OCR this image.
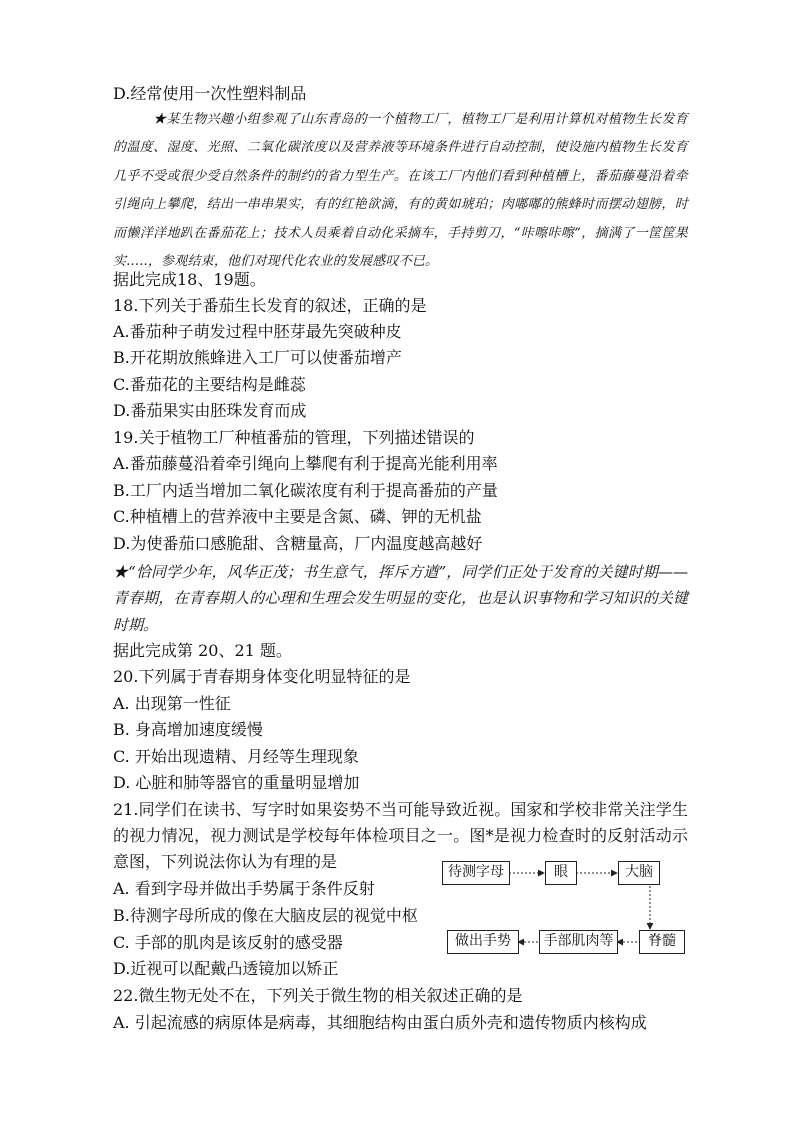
D.经常使用一次性塑料制品
★某生物兴趣小组参观了山东青岛的一个植物工厂，植物工厂是利用计算机对植物生长发育的温度、湿度、光照、二氧化碳浓度以及营养液等环境条件进行自动控制，使设施内植物生长发育几乎不受或很少受自然条件的制约的省力型生产。在该工厂内他们看到种植槽上，番茄藤蔓沿着牵引绳向上攀爬，结出一串串果实，有的红艳欲滴，有的黄如琥珀；肉嘟嘟的熊蜂时而摆动翅膀，时而懒洋洋地趴在番茄花上；技术人员乘着自动化采摘车，手持剪刀，“咔嚓咔嚓”，摘满了一筐筐果实.....，参观结束，他们对现代化农业的发展感叹不已。
据此完成18、19题。
18.下列关于番茄生长发育的叙述，正确的是
A.番茄种子萌发过程中胚芽最先突破种皮
B.开花期放熊蜂进入工厂可以使番茄增产
C.番茄花的主要结构是雌蕊
D.番茄果实由胚珠发育而成
19.关于植物工厂种植番茄的管理，下列描述错误的
A.番茄藤蔓沿着牵引绳向上攀爬有利于提高光能利用率
B.工厂内适当增加二氧化碳浓度有利于提高番茄的产量
C.种植槽上的营养液中主要是含氮、磷、钾的无机盐
D.为使番茄口感脆甜、含糖量高，厂内温度越高越好
★“恰同学少年，风华正茂；书生意气，挥斥方遒”，同学们正处于发育的关键时期——青春期，在青春期人的心理和生理会发生明显的变化，也是认识事物和学习知识的关键时期。
据此完成第 20、21 题。
20.下列属于青春期身体变化明显特征的是
A. 出现第一性征
B. 身高增加速度缓慢
C. 开始出现遗精、月经等生理现象
D. 心脏和肺等器官的重量明显增加
21.同学们在读书、写字时如果姿势不当可能导致近视。国家和学校非常关注学生的视力情况，视力测试是学校每年体检项目之一。图*是视力检查时的反射活动示意图，下列说法你认为有理的是
A. 看到字母并做出手势属于条件反射
B.待测字母所成的像在大脑皮层的视觉中枢
C. 手部的肌肉是该反射的感受器
D.近视可以配戴凸透镜加以矫正
22.微生物无处不在，下列关于微生物的相关叙述正确的是
A. 引起流感的病原体是病毒，其细胞结构由蛋白质外壳和遗传物质内核构成
待测字母	眼	大脑
脊髓
手部肌肉等
做出手势
